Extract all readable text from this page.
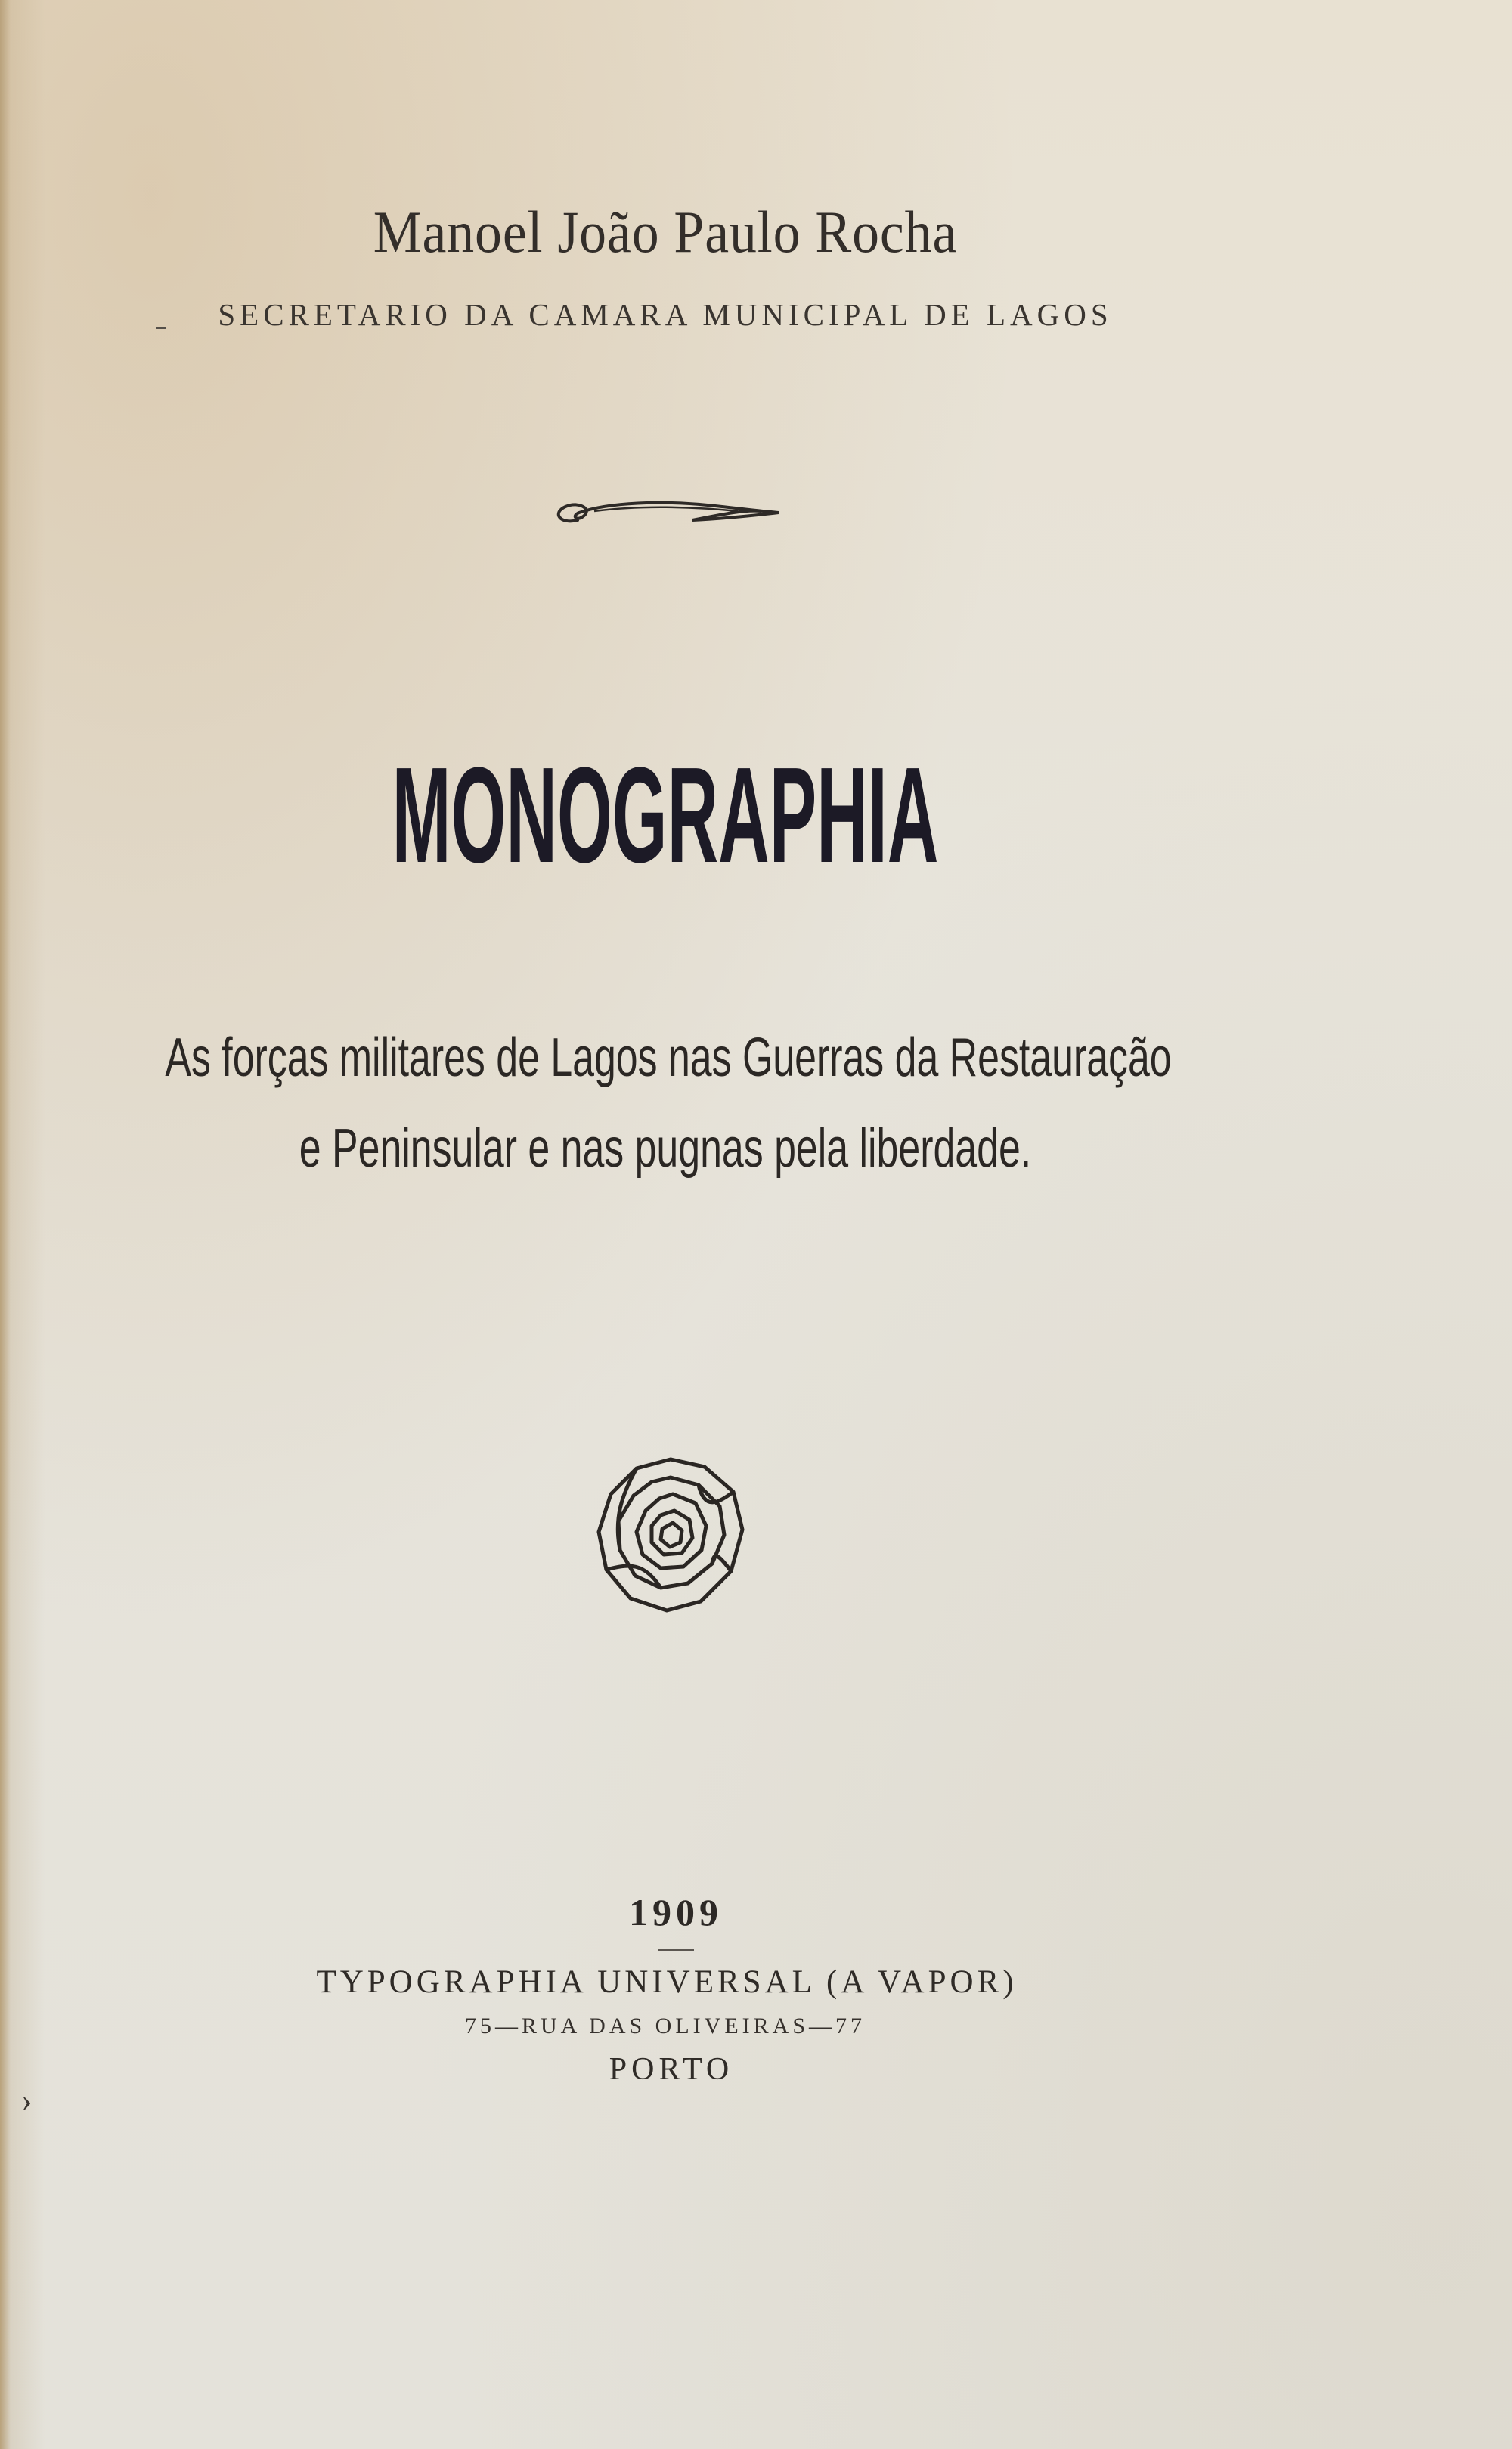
Manoel João Paulo Rocha
SECRETARIO DA CAMARA MUNICIPAL DE LAGOS
MONOGRAPHIA
As forças militares de Lagos nas Guerras da Restauração
e Peninsular e nas pugnas pela liberdade.
1909
TYPOGRAPHIA UNIVERSAL (A VAPOR)
75—RUA DAS OLIVEIRAS—77
PORTO
›
